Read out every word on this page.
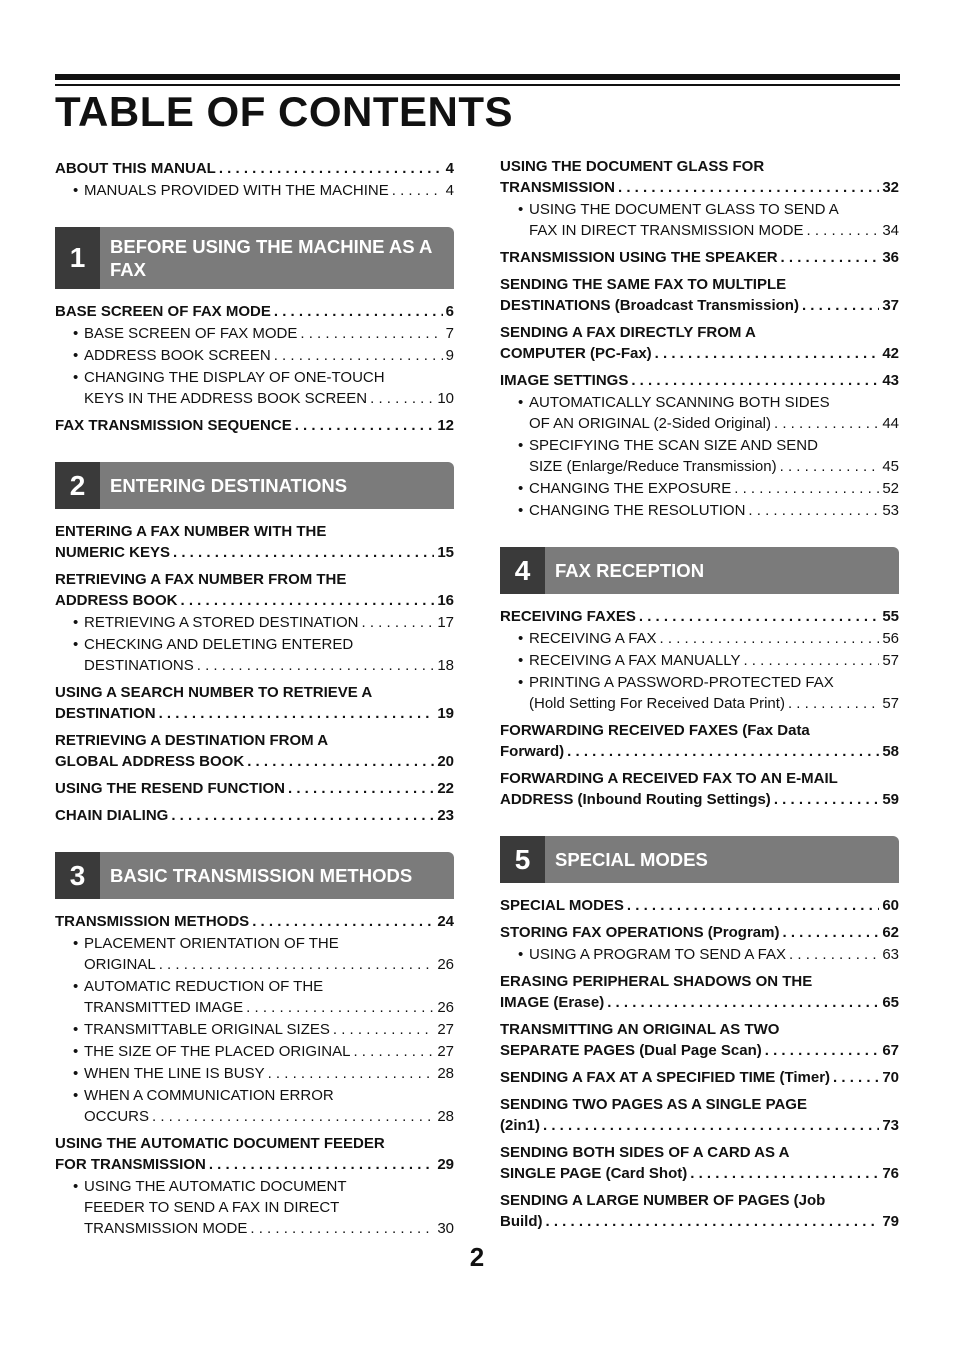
TABLE OF CONTENTS
ABOUT THIS MANUAL . . .	4
• MANUALS PROVIDED WITH THE MACHINE . . .	4
1	BEFORE USING THE MACHINE AS A FAX
BASE SCREEN OF FAX MODE . . .	6
• BASE SCREEN OF FAX MODE . . .	7
• ADDRESS BOOK SCREEN . . .	9
• CHANGING THE DISPLAY OF ONE-TOUCH
KEYS IN THE ADDRESS BOOK SCREEN . . .	10
FAX TRANSMISSION SEQUENCE . . .	12
2	ENTERING DESTINATIONS
ENTERING A FAX NUMBER WITH THE
NUMERIC KEYS . . .	15
RETRIEVING A FAX NUMBER FROM THE
ADDRESS BOOK . . .	16
• RETRIEVING A STORED DESTINATION . . .	17
• CHECKING AND DELETING ENTERED
DESTINATIONS . . .	18
USING A SEARCH NUMBER TO RETRIEVE A
DESTINATION . . .	19
RETRIEVING A DESTINATION FROM A
GLOBAL ADDRESS BOOK . . .	20
USING THE RESEND FUNCTION . . .	22
CHAIN DIALING . . .	23
3	BASIC TRANSMISSION METHODS
TRANSMISSION METHODS . . .	24
• PLACEMENT ORIENTATION OF THE
ORIGINAL . . .	26
• AUTOMATIC REDUCTION OF THE
TRANSMITTED IMAGE . . .	26
• TRANSMITTABLE ORIGINAL SIZES . . .	27
• THE SIZE OF THE PLACED ORIGINAL . . .	27
• WHEN THE LINE IS BUSY . . .	28
• WHEN A COMMUNICATION ERROR
OCCURS . . .	28
USING THE AUTOMATIC DOCUMENT FEEDER
FOR TRANSMISSION . . .	29
• USING THE AUTOMATIC DOCUMENT
FEEDER TO SEND A FAX IN DIRECT
TRANSMISSION MODE . . .	30
USING THE DOCUMENT GLASS FOR
TRANSMISSION . . .	32
• USING THE DOCUMENT GLASS TO SEND A
FAX IN DIRECT TRANSMISSION MODE . . .	34
TRANSMISSION USING THE SPEAKER . . .	36
SENDING THE SAME FAX TO MULTIPLE
DESTINATIONS (Broadcast Transmission) . . .	37
SENDING A FAX DIRECTLY FROM A
COMPUTER (PC-Fax) . . .	42
IMAGE SETTINGS . . .	43
• AUTOMATICALLY SCANNING BOTH SIDES
OF AN ORIGINAL (2-Sided Original) . . .	44
• SPECIFYING THE SCAN SIZE AND SEND
SIZE (Enlarge/Reduce Transmission) . . .	45
• CHANGING THE EXPOSURE . . .	52
• CHANGING THE RESOLUTION . . .	53
4	FAX RECEPTION
RECEIVING FAXES . . .	55
• RECEIVING A FAX . . .	56
• RECEIVING A FAX MANUALLY . . .	57
• PRINTING A PASSWORD-PROTECTED FAX
(Hold Setting For Received Data Print) . . .	57
FORWARDING RECEIVED FAXES (Fax Data
Forward) . . .	58
FORWARDING A RECEIVED FAX TO AN E-MAIL
ADDRESS (Inbound Routing Settings) . . .	59
5	SPECIAL MODES
SPECIAL MODES . . .	60
STORING FAX OPERATIONS (Program) . . .	62
• USING A PROGRAM TO SEND A FAX . . .	63
ERASING PERIPHERAL SHADOWS ON THE
IMAGE (Erase) . . .	65
TRANSMITTING AN ORIGINAL AS TWO
SEPARATE PAGES (Dual Page Scan) . . .	67
SENDING A FAX AT A SPECIFIED TIME (Timer) . . .	70
SENDING TWO PAGES AS A SINGLE PAGE
(2in1) . . .	73
SENDING BOTH SIDES OF A CARD AS A
SINGLE PAGE (Card Shot) . . .	76
SENDING A LARGE NUMBER OF PAGES (Job
Build) . . .	79
2
